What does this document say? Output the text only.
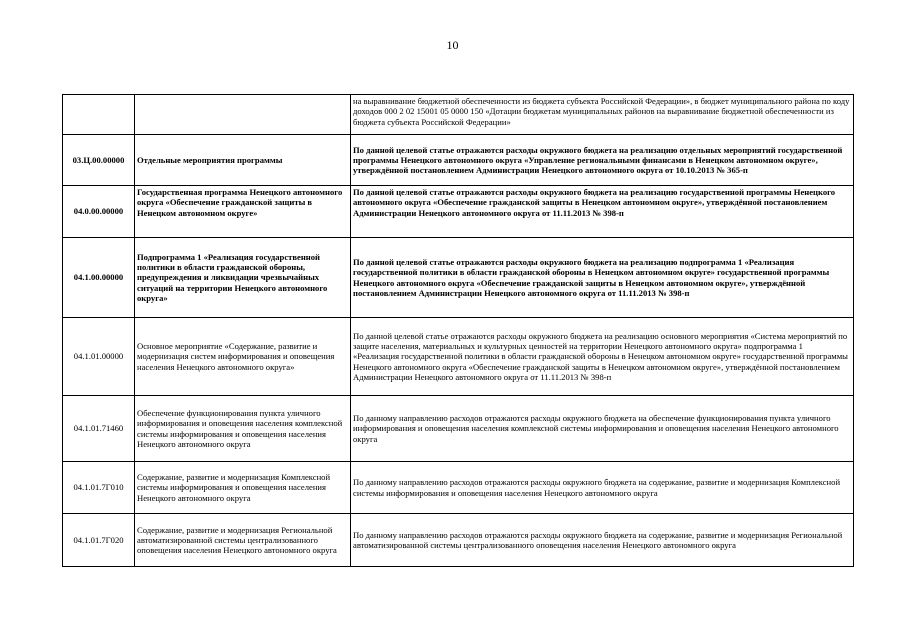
10
		на выравнивание бюджетной обеспеченности из бюджета субъекта Российской Федерации», в бюджет муниципального района по коду доходов 000 2 02 15001 05 0000 150 «Дотации бюджетам муниципальных районов на выравнивание бюджетной обеспеченности из бюджета субъекта Российской Федерации»
03.Ц.00.00000	Отдельные мероприятия программы	По данной целевой статье отражаются расходы окружного бюджета на реализацию отдельных мероприятий государственной программы Ненецкого автономного округа «Управление региональными финансами в Ненецком автономном округе», утверждённой постановлением Администрации Ненецкого автономного округа от 10.10.2013 № 365-п
04.0.00.00000	Государственная программа Ненецкого автономного округа «Обеспечение гражданской защиты в Ненецком автономном округе»	По данной целевой статье отражаются расходы окружного бюджета на реализацию государственной программы Ненецкого автономного округа «Обеспечение гражданской защиты в Ненецком автономном округе», утверждённой постановлением Администрации Ненецкого автономного округа от 11.11.2013 № 398-п
04.1.00.00000	Подпрограмма 1 «Реализация государственной политики в области гражданской обороны, предупреждения и ликвидации чрезвычайных ситуаций на территории Ненецкого автономного округа»	По данной целевой статье отражаются расходы окружного бюджета на реализацию подпрограмма 1 «Реализация государственной политики в области гражданской обороны в Ненецком автономном округе» государственной программы Ненецкого автономного округа «Обеспечение гражданской защиты в Ненецком автономном округе», утверждённой постановлением Администрации Ненецкого автономного округа от 11.11.2013 № 398-п
04.1.01.00000	Основное мероприятие «Содержание, развитие и модернизация систем информирования и оповещения населения Ненецкого автономного округа»	По данной целевой статье отражаются расходы окружного бюджета на реализацию основного мероприятия «Система мероприятий по защите населения, материальных и культурных ценностей на территории Ненецкого автономного округа» подпрограмма 1 «Реализация государственной политики в области гражданской обороны в Ненецком автономном округе» государственной программы Ненецкого автономного округа «Обеспечение гражданской защиты в Ненецком автономном округе», утверждённой постановлением Администрации Ненецкого автономного округа от 11.11.2013 № 398-п
04.1.01.71460	Обеспечение функционирования пункта уличного информирования и оповещения населения комплексной системы информирования и оповещения населения Ненецкого автономного округа	По данному направлению расходов отражаются расходы окружного бюджета на обеспечение функционирования пункта уличного информирования и оповещения населения комплексной системы информирования и оповещения населения Ненецкого автономного округа
04.1.01.7Г010	Содержание, развитие и модернизация Комплексной системы информирования и оповещения населения Ненецкого автономного округа	По данному направлению расходов отражаются расходы окружного бюджета на содержание, развитие и модернизация Комплексной системы информирования и оповещения населения Ненецкого автономного округа
04.1.01.7Г020	Содержание, развитие и модернизация Региональной автоматизированной системы централизованного оповещения населения Ненецкого автономного округа	По данному направлению расходов отражаются расходы окружного бюджета на содержание, развитие и модернизация Региональной автоматизированной системы централизованного оповещения населения Ненецкого автономного округа
